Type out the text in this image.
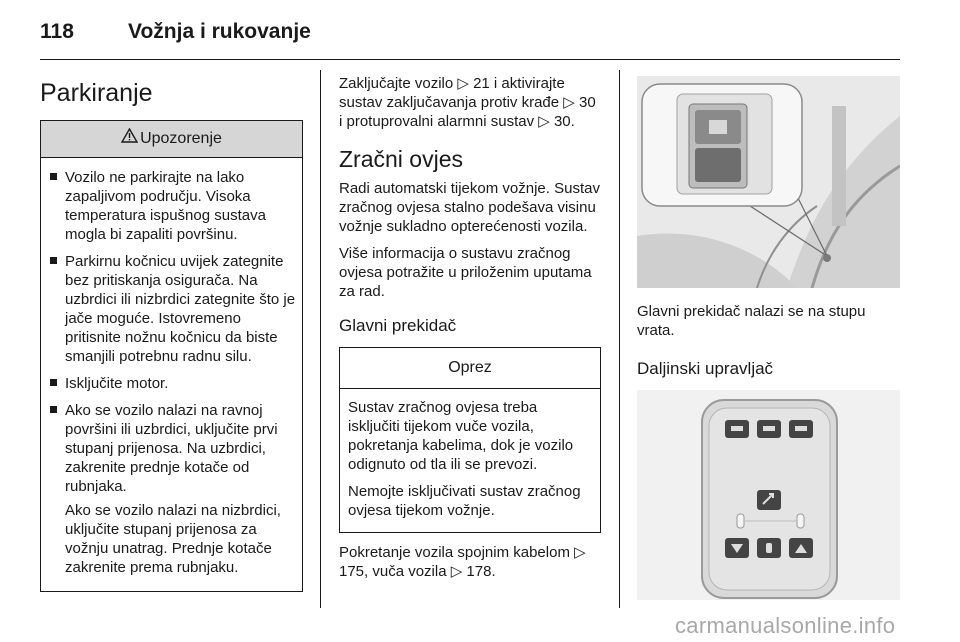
118	Vožnja i rukovanje
Parkiranje
Upozorenje
Vozilo ne parkirajte na lako zapaljivom području. Visoka temperatura ispušnog sustava mogla bi zapaliti površinu.
Parkirnu kočnicu uvijek zategnite bez pritiskanja osigurača. Na uzbrdici ili nizbrdici zategnite što je jače moguće. Istovremeno pritisnite nožnu kočnicu da biste smanjili potrebnu radnu silu.
Isključite motor.
Ako se vozilo nalazi na ravnoj površini ili uzbrdici, uključite prvi stupanj prijenosa. Na uzbrdici, zakrenite prednje kotače od rubnjaka.
Ako se vozilo nalazi na nizbrdici, uključite stupanj prijenosa za vožnju unatrag. Prednje kotače zakrenite prema rubnjaku.

Zaključajte vozilo ▷ 21 i aktivirajte sustav zaključavanja protiv krađe ▷ 30 i protuprovalni alarmni sustav ▷ 30.

Zračni ovjes

Radi automatski tijekom vožnje. Sustav zračnog ovjesa stalno podešava visinu vožnje sukladno opterećenosti vozila.

Više informacija o sustavu zračnog ovjesa potražite u priloženim uputama za rad.

Glavni prekidač
Oprez

Sustav zračnog ovjesa treba isključiti tijekom vuče vozila, pokretanja kabelima, dok je vozilo odignuto od tla ili se prevozi.

Nemojte isključivati sustav zračnog ovjesa tijekom vožnje.

Pokretanje vozila spojnim kabelom ▷ 175, vuča vozila ▷ 178.

Glavni prekidač nalazi se na stupu vrata.

Daljinski upravljač
carmanualsonline.info
